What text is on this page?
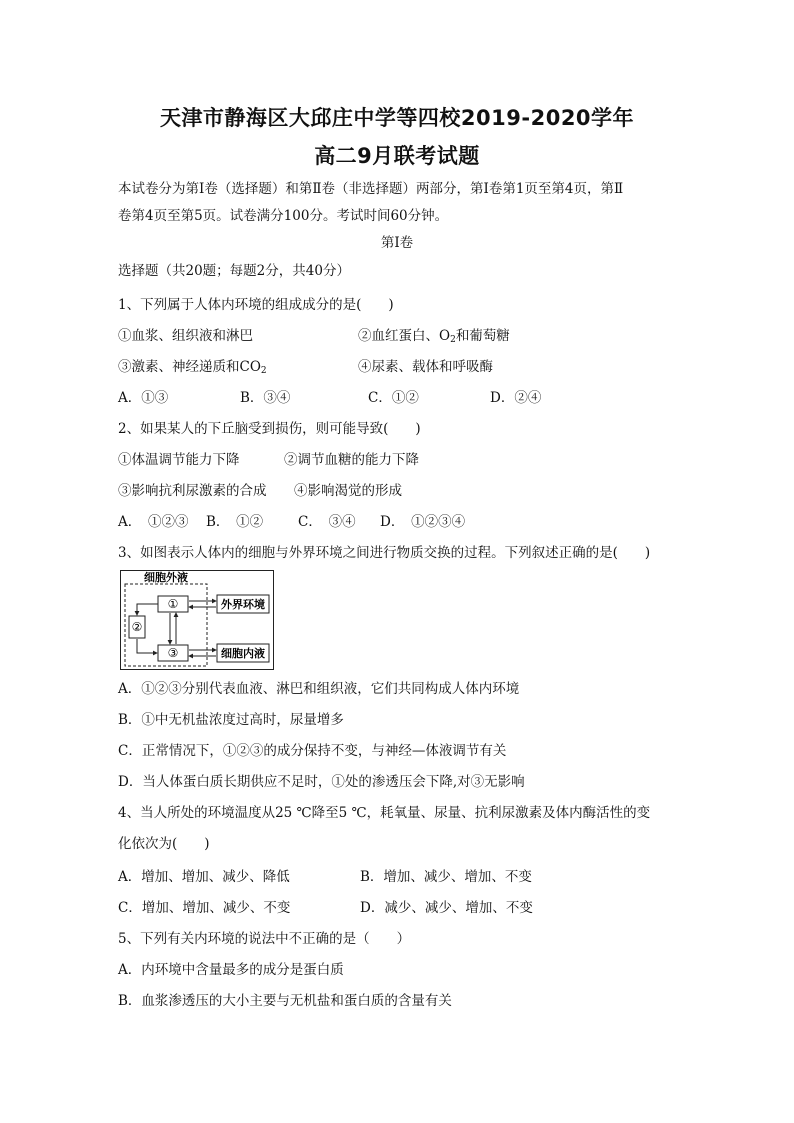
天津市静海区大邱庄中学等四校2019-2020学年
高二9月联考试题
本试卷分为第Ⅰ卷（选择题）和第Ⅱ卷（非选择题）两部分，第Ⅰ卷第1页至第4页，第Ⅱ
卷第4页至第5页。试卷满分100分。考试时间60分钟。
第Ⅰ卷
选择题（共20题；每题2分，共40分）
1、下列属于人体内环境的组成成分的是(　　)
①血浆、组织液和淋巴	②血红蛋白、$O_2$和葡萄糖
③激素、神经递质和$CO_2$	④尿素、载体和呼吸酶
A．①③	B．③④	C．①②	D．②④
2、如果某人的下丘脑受到损伤，则可能导致(　　)
①体温调节能力下降	②调节血糖的能力下降
③影响抗利尿激素的合成 ④影响渴觉的形成
A．　①②③ B．　①②	C．　③④ D．　①②③④
3、如图表示人体内的细胞与外界环境之间进行物质交换的过程。下列叙述正确的是(　　)
细胞外液
①
②
③
外界环境
细胞内液
A．①②③分别代表血液、淋巴和组织液，它们共同构成人体内环境
B．①中无机盐浓度过高时，尿量增多
C．正常情况下，①②③的成分保持不变，与神经—体液调节有关
D．当人体蛋白质长期供应不足时，①处的渗透压会下降,对③无影响
4、当人所处的环境温度从25 ℃降至5 ℃，耗氧量、尿量、抗利尿激素及体内酶活性的变
化依次为(　　)
A．增加、增加、减少、降低	B．增加、减少、增加、不变
C．增加、增加、减少、不变	D．减少、减少、增加、不变
5、下列有关内环境的说法中不正确的是（　　）
A．内环境中含量最多的成分是蛋白质
B．血浆渗透压的大小主要与无机盐和蛋白质的含量有关
